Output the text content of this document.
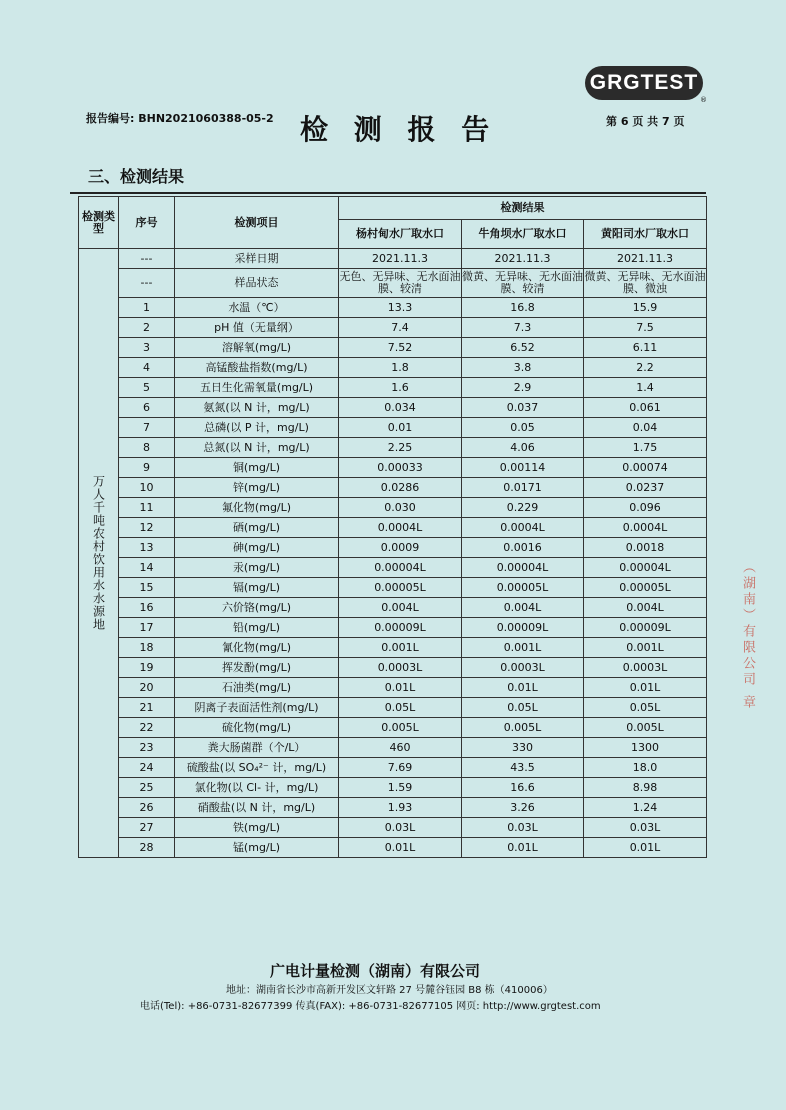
GRGTEST
®
报告编号: BHN2021060388-05-2 检 测 报 告	第 6 页 共 7 页
三、检测结果
检测类型	序号	检测项目	检测结果		
			杨村甸水厂取水口	牛角坝水厂取水口	黄阳司水厂取水口
万人千吨农村饮用水水源地	---	采样日期	2021.11.3	2021.11.3	2021.11.3
	---	样品状态	无色、无异味、无水面油膜、较清	微黄、无异味、无水面油膜、较清	微黄、无异味、无水面油膜、微浊
	1	水温（℃）	13.3	16.8	15.9
	2	pH 值（无量纲）	7.4	7.3	7.5
	3	溶解氧(mg/L)	7.52	6.52	6.11
	4	高锰酸盐指数(mg/L)	1.8	3.8	2.2
	5	五日生化需氧量(mg/L)	1.6	2.9	1.4
	6	氨氮(以 N 计，mg/L)	0.034	0.037	0.061
	7	总磷(以 P 计，mg/L)	0.01	0.05	0.04
	8	总氮(以 N 计，mg/L)	2.25	4.06	1.75
	9	铜(mg/L)	0.00033	0.00114	0.00074
	10	锌(mg/L)	0.0286	0.0171	0.0237
	11	氟化物(mg/L)	0.030	0.229	0.096
	12	硒(mg/L)	0.0004L	0.0004L	0.0004L
	13	砷(mg/L)	0.0009	0.0016	0.0018
	14	汞(mg/L)	0.00004L	0.00004L	0.00004L
	15	镉(mg/L)	0.00005L	0.00005L	0.00005L
	16	六价铬(mg/L)	0.004L	0.004L	0.004L
	17	铅(mg/L)	0.00009L	0.00009L	0.00009L
	18	氰化物(mg/L)	0.001L	0.001L	0.001L
	19	挥发酚(mg/L)	0.0003L	0.0003L	0.0003L
	20	石油类(mg/L)	0.01L	0.01L	0.01L
	21	阴离子表面活性剂(mg/L)	0.05L	0.05L	0.05L
	22	硫化物(mg/L)	0.005L	0.005L	0.005L
	23	粪大肠菌群（个/L）	460	330	1300
	24	硫酸盐(以 SO₄²⁻ 计，mg/L)	7.69	43.5	18.0
	25	氯化物(以 Cl- 计，mg/L)	1.59	16.6	8.98
	26	硝酸盐(以 N 计，mg/L)	1.93	3.26	1.24
	27	铁(mg/L)	0.03L	0.03L	0.03L
	28	锰(mg/L)	0.01L	0.01L	0.01L
（湖南）有限公司 章
广电计量检测（湖南）有限公司
地址：湖南省长沙市高新开发区文轩路 27 号麓谷钰园 B8 栋（410006）
电话(Tel): +86-0731-82677399 传真(FAX): +86-0731-82677105 网页: http://www.grgtest.com
